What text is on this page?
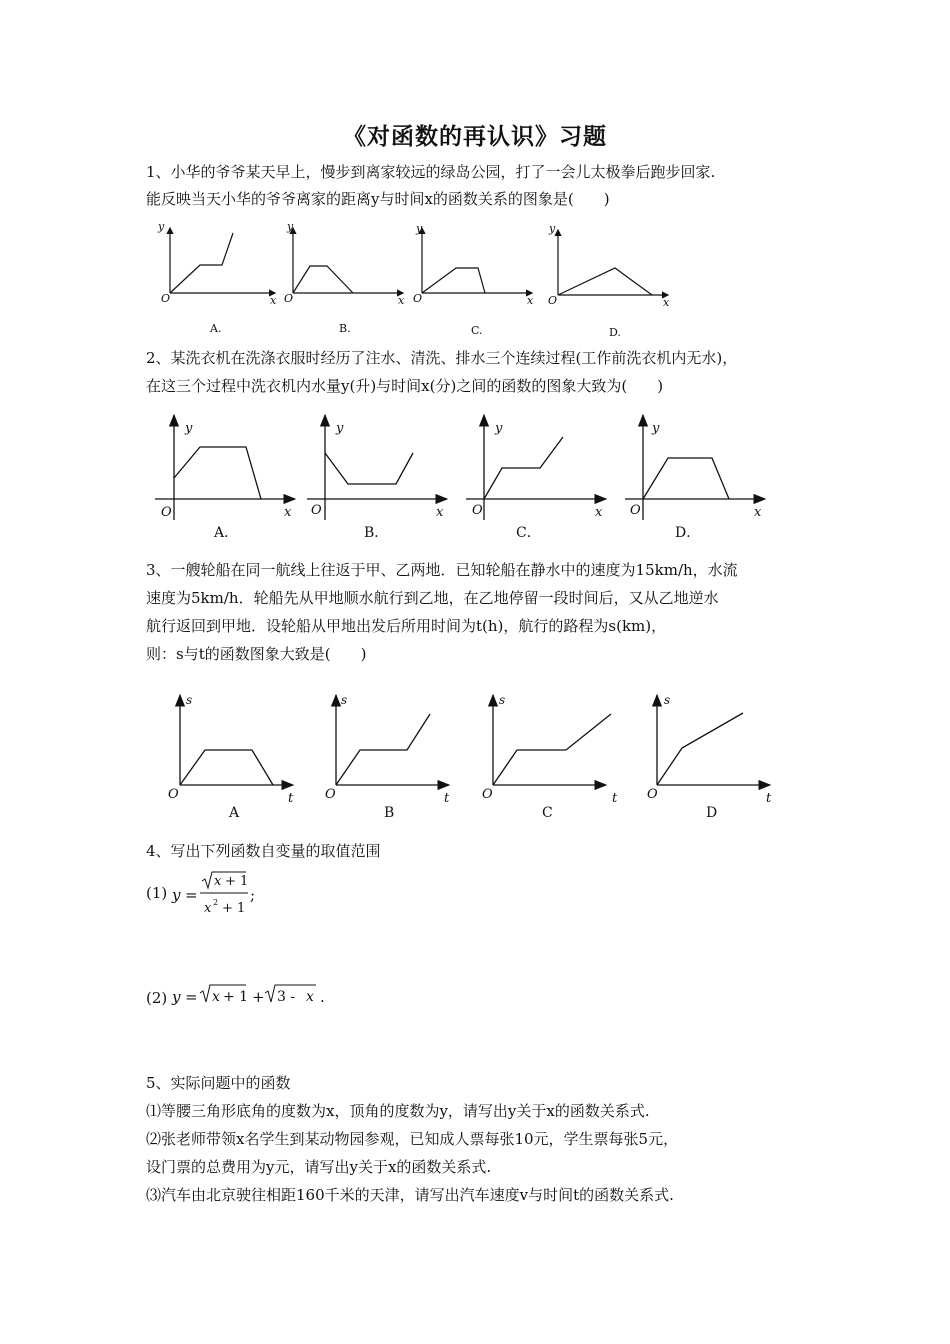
《对函数的再认识》习题
1、小华的爷爷某天早上，慢步到离家较远的绿岛公园，打了一会儿太极拳后跑步回家.
能反映当天小华的爷爷离家的距离y与时间x的函数关系的图象是(　　)
O
y
x
A.
O
y
x
B.
O
y
x
C.
O
y
x
D.
2、某洗衣机在洗涤衣服时经历了注水、清洗、排水三个连续过程(工作前洗衣机内无水)，
在这三个过程中洗衣机内水量y(升)与时间x(分)之间的函数的图象大致为(　　)
O
y
x
A．
O
y
x
B．
O
y
x
C．
O
y
x
D．
3、一艘轮船在同一航线上往返于甲、乙两地．已知轮船在静水中的速度为15km/h，水流
速度为5km/h．轮船先从甲地顺水航行到乙地，在乙地停留一段时间后，又从乙地逆水
航行返回到甲地．设轮船从甲地出发后所用时间为t(h)，航行的路程为s(km)，
则：s与t的函数图象大致是(　　)
O
s
t
A
O
s
t
B
O
s
t
C
O
s
t
D
4、写出下列函数自变量的取值范围
(1) y =
x + 1
x 2 + 1
;
(2) y = x + 1 + 3 - x .
5、实际问题中的函数
⑴等腰三角形底角的度数为x，顶角的度数为y，请写出y关于x的函数关系式.
⑵张老师带领x名学生到某动物园参观，已知成人票每张10元，学生票每张5元，
设门票的总费用为y元，请写出y关于x的函数关系式.
⑶汽车由北京驶往相距160千米的天津，请写出汽车速度v与时间t的函数关系式.
